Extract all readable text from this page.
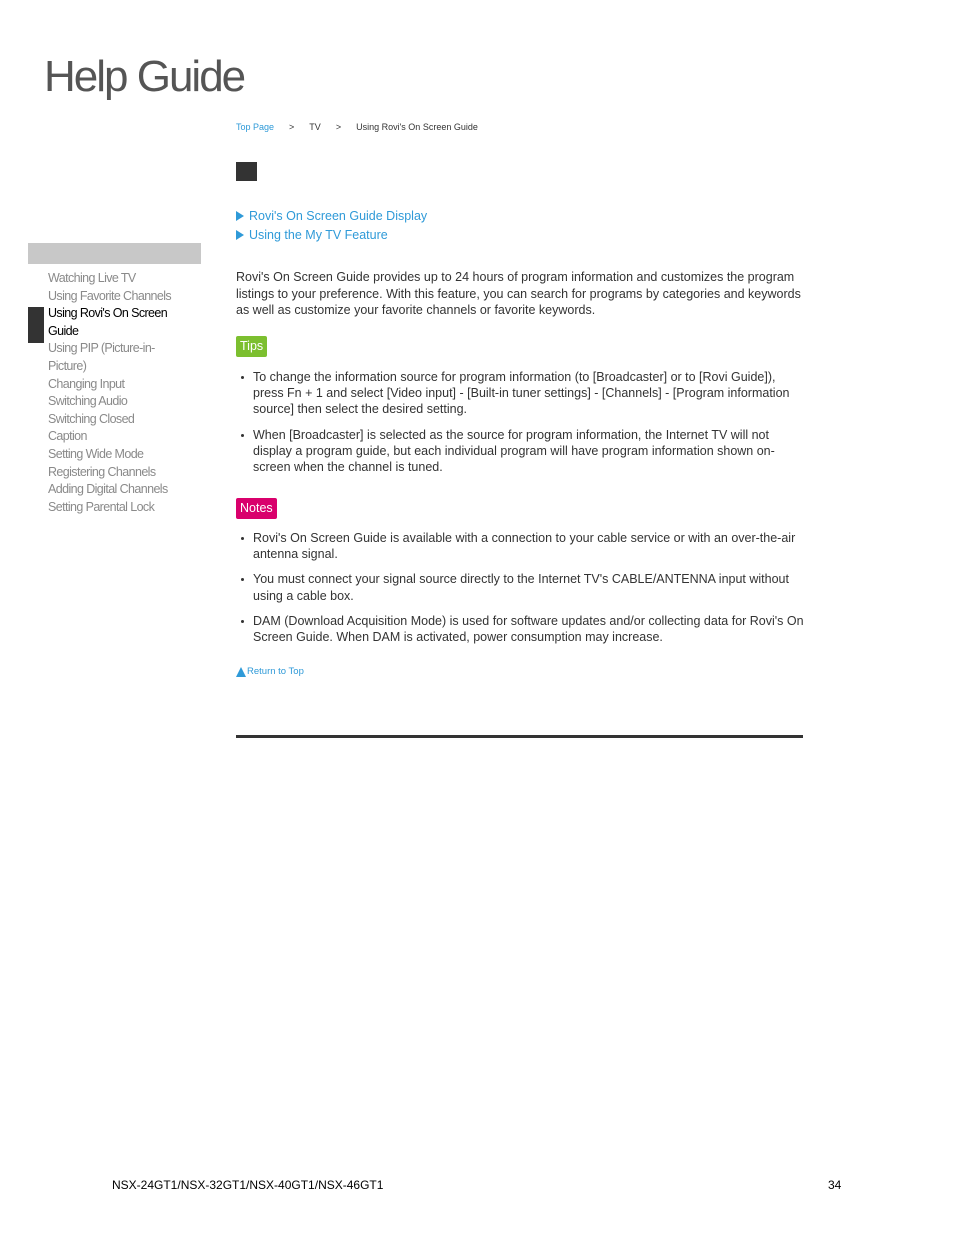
Help Guide
Top Page > TV > Using Rovi's On Screen Guide
Rovi's On Screen Guide Display
Using the My TV Feature
Watching Live TV
Using Favorite Channels
Using Rovi's On Screen Guide
Using PIP (Picture-in-Picture)
Changing Input
Switching Audio
Switching Closed Caption
Setting Wide Mode
Registering Channels
Adding Digital Channels
Setting Parental Lock
Rovi's On Screen Guide provides up to 24 hours of program information and customizes the program listings to your preference. With this feature, you can search for programs by categories and keywords as well as customize your favorite channels or favorite keywords.
Tips
To change the information source for program information (to [Broadcaster] or to [Rovi Guide]), press Fn + 1 and select [Video input] - [Built-in tuner settings] - [Channels] - [Program information source] then select the desired setting.
When [Broadcaster] is selected as the source for program information, the Internet TV will not display a program guide, but each individual program will have program information shown on-screen when the channel is tuned.
Notes
Rovi's On Screen Guide is available with a connection to your cable service or with an over-the-air antenna signal.
You must connect your signal source directly to the Internet TV's CABLE/ANTENNA input without using a cable box.
DAM (Download Acquisition Mode) is used for software updates and/or collecting data for Rovi's On Screen Guide. When DAM is activated, power consumption may increase.
Return to Top
NSX-24GT1/NSX-32GT1/NSX-40GT1/NSX-46GT1	34
